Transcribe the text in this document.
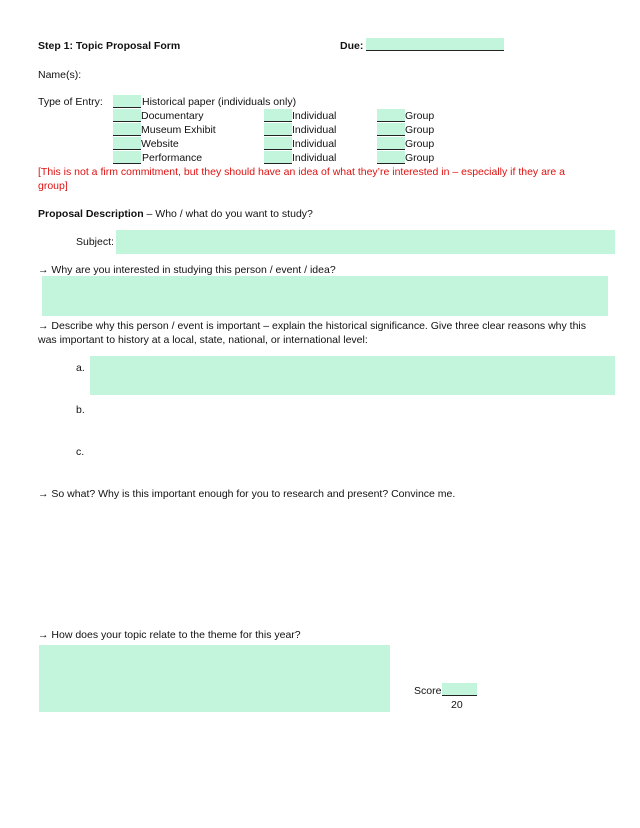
Step 1: Topic Proposal Form	Due:
Name(s):
Type of Entry:	Historical paper (individuals only)
Documentary	Individual	Group
Museum Exhibit	Individual	Group
Website	Individual	Group
Performance	Individual	Group
[This is not a firm commitment, but they should have an idea of what they’re interested in – especially if they are a
group]
Proposal Description – Who / what do you want to study?
Subject:
→ Why are you interested in studying this person / event / idea?
→ Describe why this person / event is important – explain the historical significance. Give three clear reasons why this
was important to history at a local, state, national, or international level:
a.
b.
c.
→ So what? Why is this important enough for you to research and present? Convince me.
→ How does your topic relate to the theme for this year?
Score
20
